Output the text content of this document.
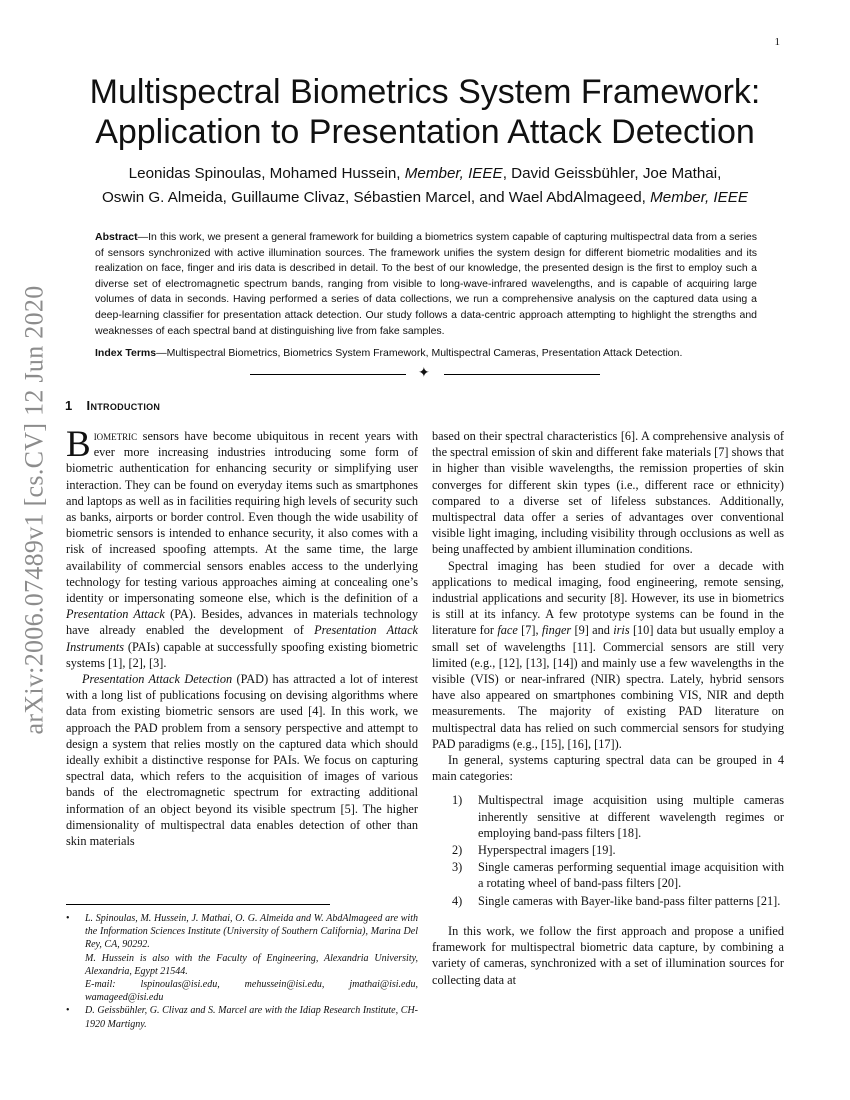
1
arXiv:2006.07489v1 [cs.CV] 12 Jun 2020
Multispectral Biometrics System Framework:
Application to Presentation Attack Detection
Leonidas Spinoulas, Mohamed Hussein, Member, IEEE, David Geissbühler, Joe Mathai,
Oswin G. Almeida, Guillaume Clivaz, Sébastien Marcel, and Wael AbdAlmageed, Member, IEEE
Abstract—In this work, we present a general framework for building a biometrics system capable of capturing multispectral data from a series of sensors synchronized with active illumination sources. The framework unifies the system design for different biometric modalities and its realization on face, finger and iris data is described in detail. To the best of our knowledge, the presented design is the first to employ such a diverse set of electromagnetic spectrum bands, ranging from visible to long-wave-infrared wavelengths, and is capable of acquiring large volumes of data in seconds. Having performed a series of data collections, we run a comprehensive analysis on the captured data using a deep-learning classifier for presentation attack detection. Our study follows a data-centric approach attempting to highlight the strengths and weaknesses of each spectral band at distinguishing live from fake samples.
Index Terms—Multispectral Biometrics, Biometrics System Framework, Multispectral Cameras, Presentation Attack Detection.
✦
1 Introduction

Biometric sensors have become ubiquitous in recent years with ever more increasing industries introducing some form of biometric authentication for enhancing security or simplifying user interaction. They can be found on everyday items such as smartphones and laptops as well as in facilities requiring high levels of security such as banks, airports or border control. Even though the wide usability of biometric sensors is intended to enhance security, it also comes with a risk of increased spoofing attempts. At the same time, the large availability of commercial sensors enables access to the underlying technology for testing various approaches aiming at concealing one’s identity or impersonating someone else, which is the definition of a Presentation Attack (PA). Besides, advances in materials technology have already enabled the development of Presentation Attack Instruments (PAIs) capable at successfully spoofing existing biometric systems [1], [2], [3].

Presentation Attack Detection (PAD) has attracted a lot of interest with a long list of publications focusing on devising algorithms where data from existing biometric sensors are used [4]. In this work, we approach the PAD problem from a sensory perspective and attempt to design a system that relies mostly on the captured data which should ideally exhibit a distinctive response for PAIs. We focus on capturing spectral data, which refers to the acquisition of images of various bands of the electromagnetic spectrum for extracting additional information of an object beyond its visible spectrum [5]. The higher dimensionality of multispectral data enables detection of other than skin materials

• L. Spinoulas, M. Hussein, J. Mathai, O. G. Almeida and W. AbdAlmageed are with the Information Sciences Institute (University of Southern California), Marina Del Rey, CA, 90292.
M. Hussein is also with the Faculty of Engineering, Alexandria University, Alexandria, Egypt 21544.
E-mail: lspinoulas@isi.edu, mehussein@isi.edu, jmathai@isi.edu, wamageed@isi.edu
• D. Geissbühler, G. Clivaz and S. Marcel are with the Idiap Research Institute, CH-1920 Martigny.

based on their spectral characteristics [6]. A comprehensive analysis of the spectral emission of skin and different fake materials [7] shows that in higher than visible wavelengths, the remission properties of skin converges for different skin types (i.e., different race or ethnicity) compared to a diverse set of lifeless substances. Additionally, multispectral data offer a series of advantages over conventional visible light imaging, including visibility through occlusions as well as being unaffected by ambient illumination conditions.

Spectral imaging has been studied for over a decade with applications to medical imaging, food engineering, remote sensing, industrial applications and security [8]. However, its use in biometrics is still at its infancy. A few prototype systems can be found in the literature for face [7], finger [9] and iris [10] data but usually employ a small set of wavelengths [11]. Commercial sensors are still very limited (e.g., [12], [13], [14]) and mainly use a few wavelengths in the visible (VIS) or near-infrared (NIR) spectra. Lately, hybrid sensors have also appeared on smartphones combining VIS, NIR and depth measurements. The majority of existing PAD literature on multispectral data has relied on such commercial sensors for studying PAD paradigms (e.g., [15], [16], [17]).

In general, systems capturing spectral data can be grouped in 4 main categories:

1) Multispectral image acquisition using multiple cameras inherently sensitive at different wavelength regimes or employing band-pass filters [18].
2) Hyperspectral imagers [19].
3) Single cameras performing sequential image acquisition with a rotating wheel of band-pass filters [20].
4) Single cameras with Bayer-like band-pass filter patterns [21].

In this work, we follow the first approach and propose a unified framework for multispectral biometric data capture, by combining a variety of cameras, synchronized with a set of illumination sources for collecting data at
